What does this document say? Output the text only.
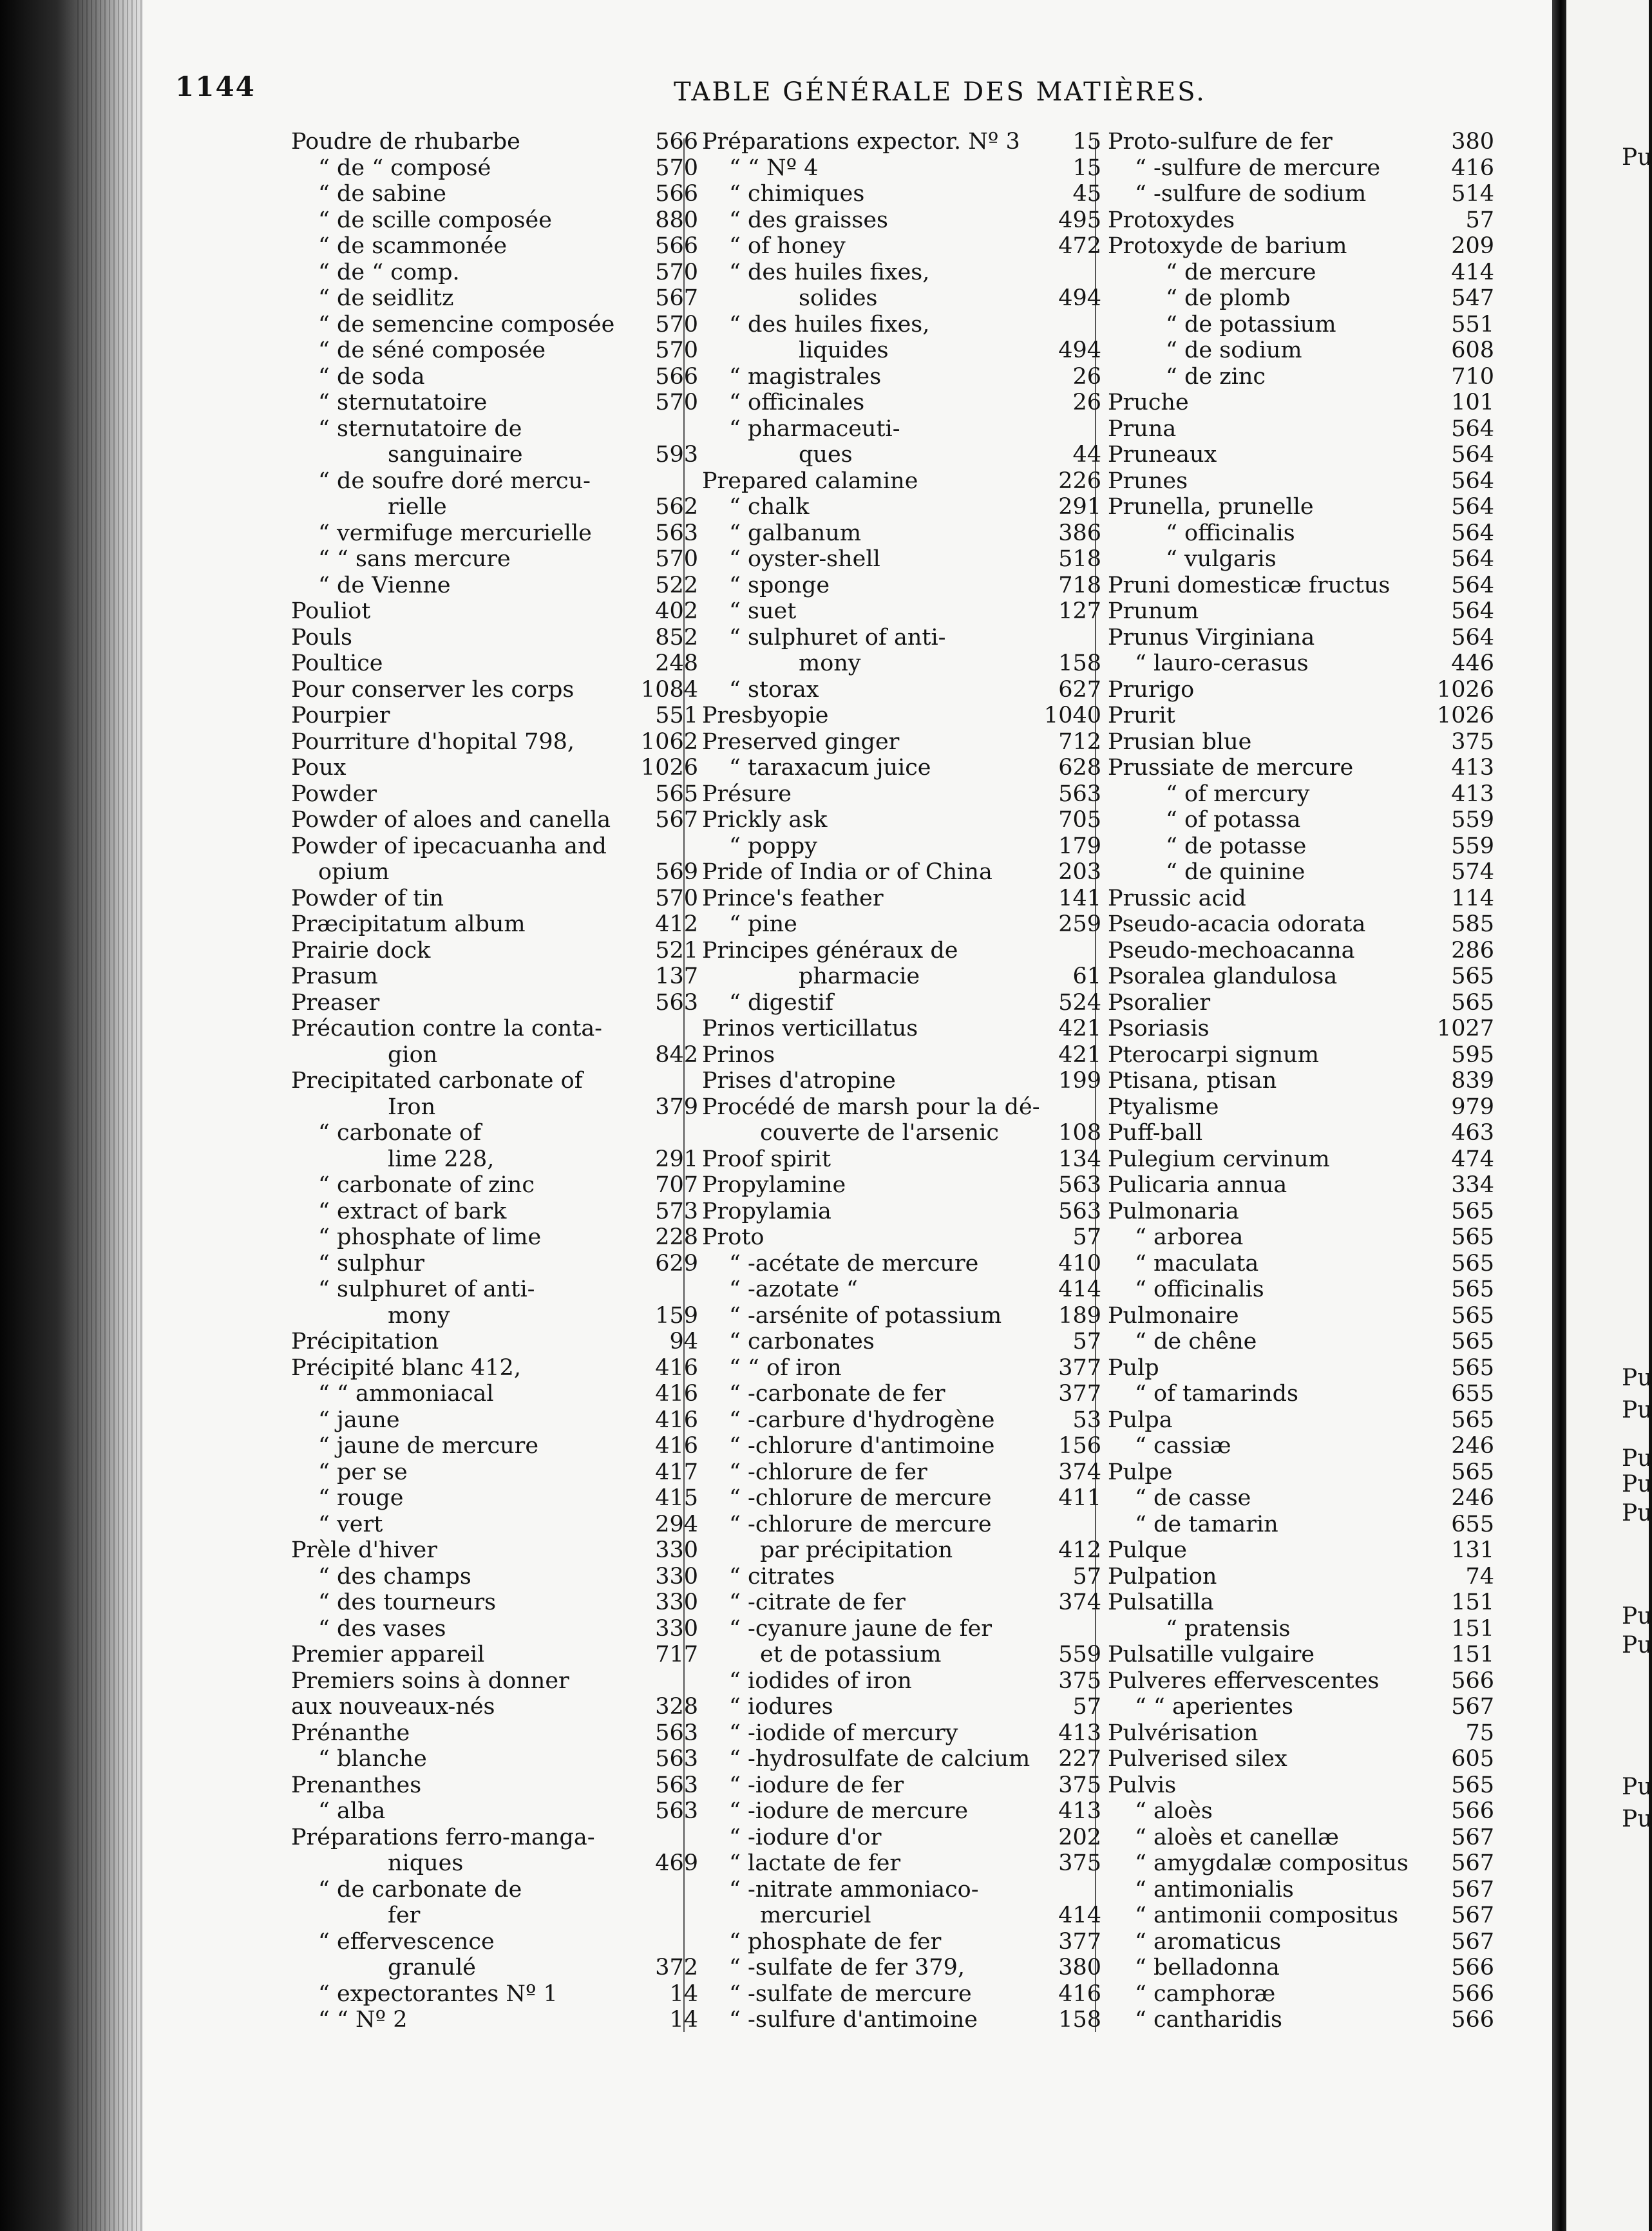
1144	TABLE GÉNÉRALE DES MATIÈRES.
Poudre de rhubarbe	566
“ de “ composé	570
“ de sabine	566
“ de scille composée	880
“ de scammonée	566
“ de “ comp.	570
“ de seidlitz	567
“ de semencine composée 570
“ de séné composée	570
“ de soda	566
“ sternutatoire	570
“ sternutatoire de
sanguinaire	593
“ de soufre doré mercu-
rielle	562
“ vermifuge mercurielle	563
“ “ sans mercure	570
“ de Vienne	522
Pouliot	402
Pouls	852
Poultice	248
Pour conserver les corps	1084
Pourpier	551
Pourriture d'hopital 798,	1062
Poux	1026
Powder	565
Powder of aloes and canella 567
Powder of ipecacuanha and
opium	569
Powder of tin	570
Præcipitatum album	412
Prairie dock	521
Prasum	137
Preaser	563
Précaution contre la conta-
gion	842
Precipitated carbonate of
Iron	379
“ carbonate of
lime 228,	291
“ carbonate of zinc	707
“ extract of bark	573
“ phosphate of lime	228
“ sulphur	629
“ sulphuret of anti-
mony	159
Précipitation	94
Précipité blanc 412,	416
“ “ ammoniacal	416
“ jaune	416
“ jaune de mercure	416
“ per se	417
“ rouge	415
“ vert	294
Prèle d'hiver	330
“ des champs	330
“ des tourneurs	330
“ des vases	330
Premier appareil	717
Premiers soins à donner
aux nouveaux-nés	328
Prénanthe	563
“ blanche	563
Prenanthes	563
“ alba	563
Préparations ferro-manga-
niques	469
“ de carbonate de
fer
“ effervescence
granulé	372
“ expectorantes Nº 1	14
“ “ Nº 2	14
Préparations expector. Nº 3 15
“ “ Nº 4	15
“ chimiques	45
“ des graisses	495
“ of honey	472
“ des huiles fixes,
solides	494
“ des huiles fixes,
liquides	494
“ magistrales	26
“ officinales	26
“ pharmaceuti-
ques	44
Prepared calamine	226
“ chalk	291
“ galbanum	386
“ oyster-shell	518
“ sponge	718
“ suet	127
“ sulphuret of anti-
mony	158
“ storax	627
Presbyopie	1040
Preserved ginger	712
“ taraxacum juice	628
Présure	563
Prickly ask	705
“ poppy	179
Pride of India or of China	203
Prince's feather	141
“ pine	259
Principes généraux de
pharmacie	61
“ digestif	524
Prinos verticillatus	421
Prinos	421
Prises d'atropine	199
Procédé de marsh pour la dé-
couverte de l'arsenic	108
Proof spirit	134
Propylamine	563
Propylamia	563
Proto	57
“ -acétate de mercure	410
“ -azotate “	414
“ -arsénite of potassium	189
“ carbonates	57
“ “ of iron	377
“ -carbonate de fer	377
“ -carbure d'hydrogène	53
“ -chlorure d'antimoine	156
“ -chlorure de fer	374
“ -chlorure de mercure	411
“ -chlorure de mercure
par précipitation	412
“ citrates	57
“ -citrate de fer	374
“ -cyanure jaune de fer
et de potassium	559
“ iodides of iron	375
“ iodures	57
“ -iodide of mercury	413
“ -hydrosulfate de calcium 227
“ -iodure de fer	375
“ -iodure de mercure	413
“ -iodure d'or	202
“ lactate de fer	375
“ -nitrate ammoniaco-
mercuriel	414
“ phosphate de fer	377
“ -sulfate de fer 379,	380
“ -sulfate de mercure	416
“ -sulfure d'antimoine	158
Proto-sulfure de fer	380
“ -sulfure de mercure	416
“ -sulfure de sodium	514
Protoxydes	57
Protoxyde de barium	209
“ de mercure	414
“ de plomb	547
“ de potassium	551
“ de sodium	608
“ de zinc	710
Pruche	101
Pruna	564
Pruneaux	564
Prunes	564
Prunella, prunelle	564
“ officinalis	564
“ vulgaris	564
Pruni domesticæ fructus	564
Prunum	564
Prunus Virginiana	564
“ lauro-cerasus	446
Prurigo	1026
Prurit	1026
Prusian blue	375
Prussiate de mercure	413
“ of mercury	413
“ of potassa	559
“ de potasse	559
“ de quinine	574
Prussic acid	114
Pseudo-acacia odorata	585
Pseudo-mechoacanna	286
Psoralea glandulosa	565
Psoralier	565
Psoriasis	1027
Pterocarpi signum	595
Ptisana, ptisan	839
Ptyalisme	979
Puff-ball	463
Pulegium cervinum	474
Pulicaria annua	334
Pulmonaria	565
“ arborea	565
“ maculata	565
“ officinalis	565
Pulmonaire	565
“ de chêne	565
Pulp	565
“ of tamarinds	655
Pulpa	565
“ cassiæ	246
Pulpe	565
“ de casse	246
“ de tamarin	655
Pulque	131
Pulpation	74
Pulsatilla	151
“ pratensis	151
Pulsatille vulgaire	151
Pulveres effervescentes	566
“ “ aperientes	567
Pulvérisation	75
Pulverised silex	605
Pulvis	565
“ aloès	566
“ aloès et canellæ	567
“ amygdalæ compositus 567
“ antimonialis	567
“ antimonii compositus 567
“ aromaticus	567
“ belladonna	566
“ camphoræ	566
“ cantharidis	566
Pu
Pu
Pu
Pu
Pu
Pu
Pu
Pu
Pu
Pu
